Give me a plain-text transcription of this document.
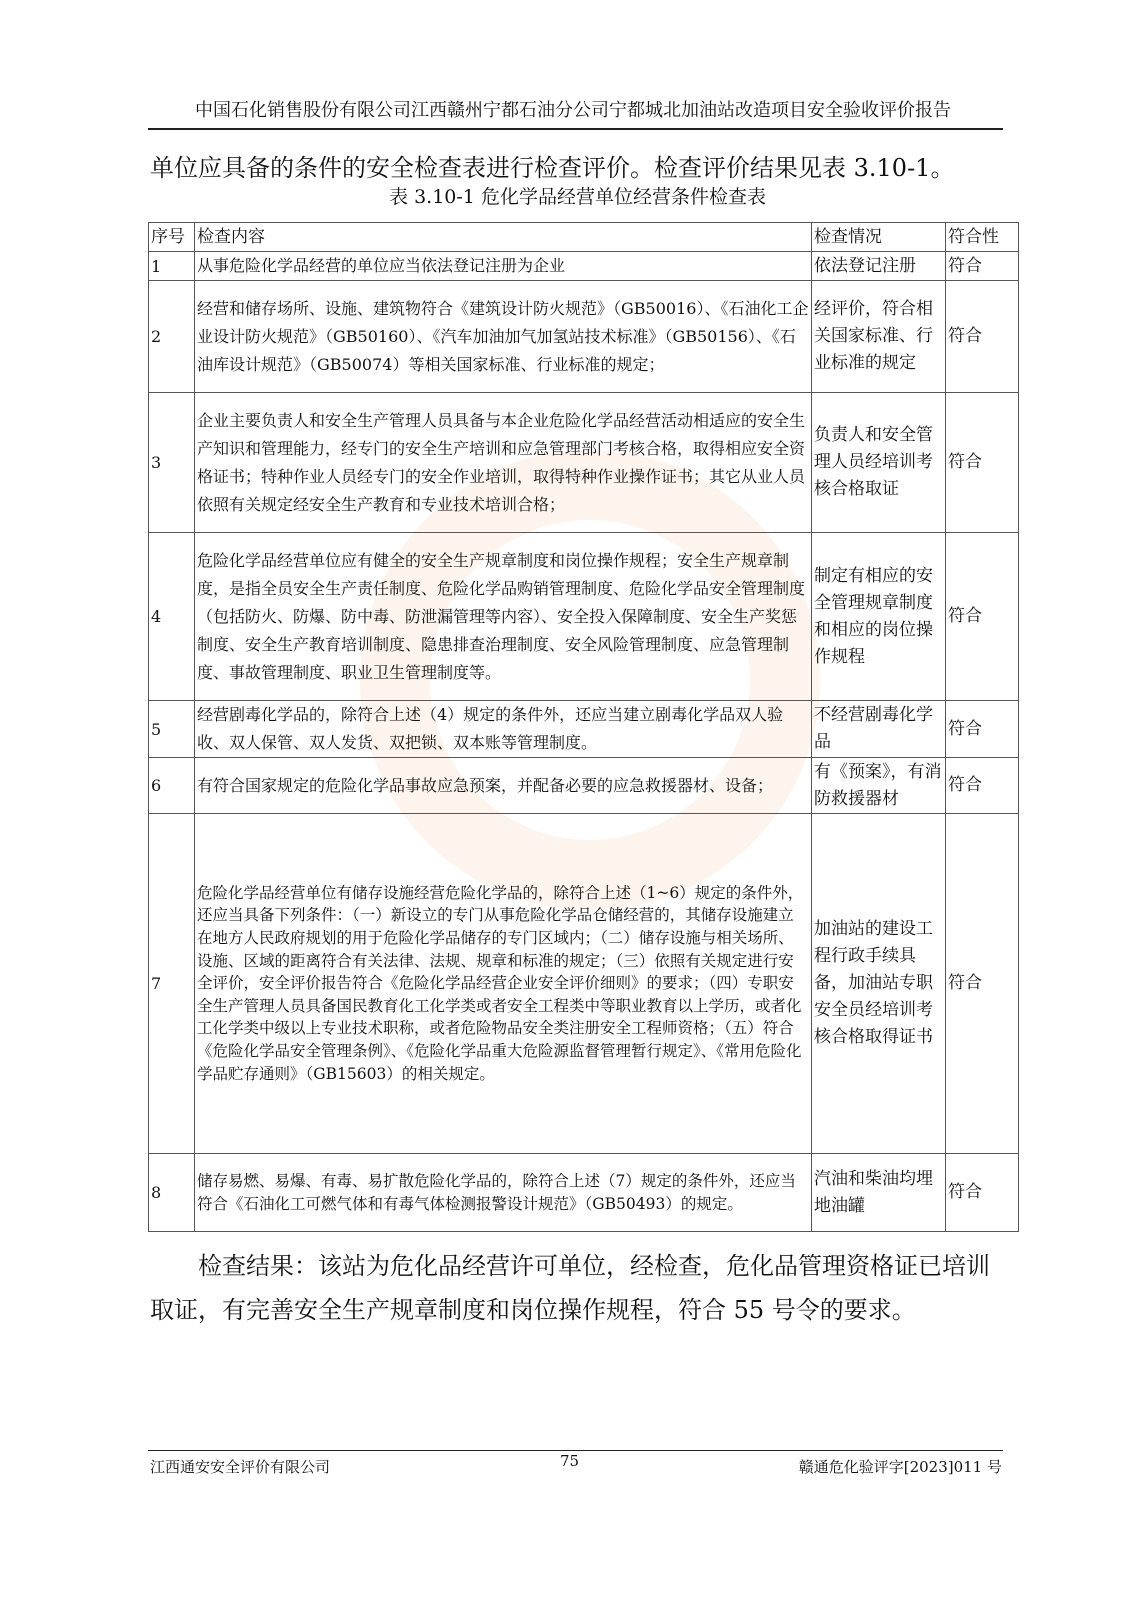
中国石化销售股份有限公司江西赣州宁都石油分公司宁都城北加油站改造项目安全验收评价报告
单位应具备的条件的安全检查表进行检查评价。检查评价结果见表 3.10-1。
表 3.10-1 危化学品经营单位经营条件检查表
序号	检查内容	检查情况	符合性
1	从事危险化学品经营的单位应当依法登记注册为企业	依法登记注册	符合
2	经营和储存场所、设施、建筑物符合《建筑设计防火规范》（GB50016）、《石油化工企业设计防火规范》（GB50160）、《汽车加油加气加氢站技术标准》（GB50156）、《石油库设计规范》（GB50074）等相关国家标准、行业标准的规定；	经评价，符合相关国家标准、行业标准的规定	符合
3	企业主要负责人和安全生产管理人员具备与本企业危险化学品经营活动相适应的安全生产知识和管理能力，经专门的安全生产培训和应急管理部门考核合格，取得相应安全资格证书；特种作业人员经专门的安全作业培训，取得特种作业操作证书；其它从业人员依照有关规定经安全生产教育和专业技术培训合格；	负责人和安全管理人员经培训考核合格取证	符合
4	危险化学品经营单位应有健全的安全生产规章制度和岗位操作规程；安全生产规章制度，是指全员安全生产责任制度、危险化学品购销管理制度、危险化学品安全管理制度（包括防火、防爆、防中毒、防泄漏管理等内容）、安全投入保障制度、安全生产奖惩制度、安全生产教育培训制度、隐患排查治理制度、安全风险管理制度、应急管理制度、事故管理制度、职业卫生管理制度等。	制定有相应的安全管理规章制度和相应的岗位操作规程	符合
5	经营剧毒化学品的，除符合上述（4）规定的条件外，还应当建立剧毒化学品双人验收、双人保管、双人发货、双把锁、双本账等管理制度。	不经营剧毒化学品	符合
6	有符合国家规定的危险化学品事故应急预案，并配备必要的应急救援器材、设备；	有《预案》，有消防救援器材	符合
7	危险化学品经营单位有储存设施经营危险化学品的，除符合上述（1~6）规定的条件外，还应当具备下列条件：（一）新设立的专门从事危险化学品仓储经营的，其储存设施建立在地方人民政府规划的用于危险化学品储存的专门区域内；（二）储存设施与相关场所、设施、区域的距离符合有关法律、法规、规章和标准的规定；（三）依照有关规定进行安全评价，安全评价报告符合《危险化学品经营企业安全评价细则》的要求；（四）专职安全生产管理人员具备国民教育化工化学类或者安全工程类中等职业教育以上学历，或者化工化学类中级以上专业技术职称，或者危险物品安全类注册安全工程师资格；（五）符合《危险化学品安全管理条例》、《危险化学品重大危险源监督管理暂行规定》、《常用危险化学品贮存通则》（GB15603）的相关规定。	加油站的建设工程行政手续具备，加油站专职安全员经培训考核合格取得证书	符合
8	储存易燃、易爆、有毒、易扩散危险化学品的，除符合上述（7）规定的条件外，还应当符合《石油化工可燃气体和有毒气体检测报警设计规范》（GB50493）的规定。	汽油和柴油均埋地油罐	符合
检查结果：该站为危化品经营许可单位，经检查，危化品管理资格证已培训取证，有完善安全生产规章制度和岗位操作规程，符合 55 号令的要求。
江西通安安全评价有限公司	75	赣通危化验评字[2023]011 号
